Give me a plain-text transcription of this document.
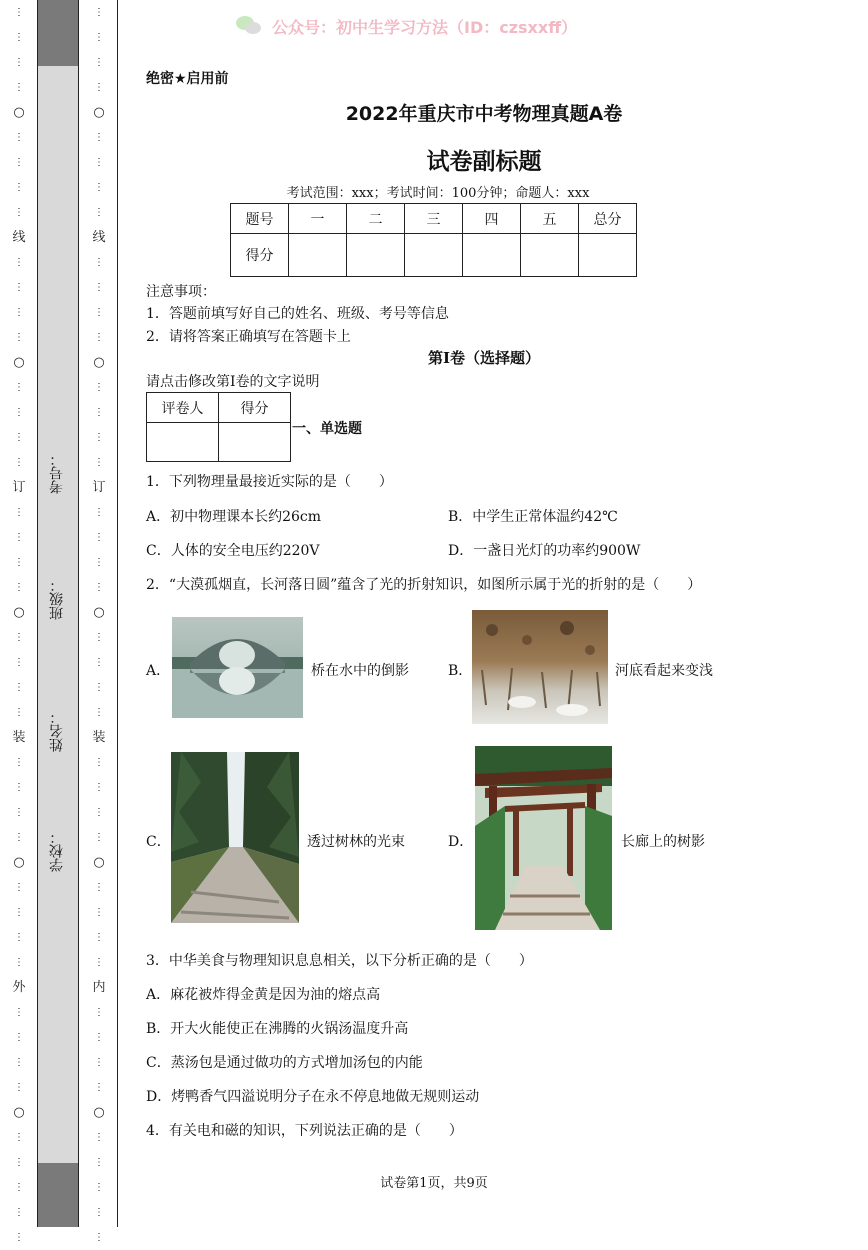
⋮
⋮
⋮
⋮
○
⋮
⋮
⋮
⋮
线
⋮
⋮
⋮
⋮
○
⋮
⋮
⋮
⋮
订
⋮
⋮
⋮
⋮
○
⋮
⋮
⋮
⋮
装
⋮
⋮
⋮
⋮
○
⋮
⋮
⋮
⋮
外
⋮
⋮
⋮
⋮
○
⋮
⋮
⋮
⋮
⋮
⋮
⋮
⋮
⋮
○
⋮
⋮
⋮
⋮
线
⋮
⋮
⋮
⋮
○
⋮
⋮
⋮
⋮
订
⋮
⋮
⋮
⋮
○
⋮
⋮
⋮
⋮
装
⋮
⋮
⋮
⋮
○
⋮
⋮
⋮
⋮
内
⋮
⋮
⋮
⋮
○
⋮
⋮
⋮
⋮
⋮
考号：
班级：
姓名：
学校：
公众号：初中生学习方法（ID：czsxxff）
绝密★启用前
2022年重庆市中考物理真题A卷
试卷副标题
考试范围：xxx；考试时间：100分钟；命题人：xxx
题号	一	二	三	四	五	总分
得分						
注意事项：
1．答题前填写好自己的姓名、班级、考号等信息
2．请将答案正确填写在答题卡上
第I卷（选择题）
请点击修改第I卷的文字说明
评卷人	得分

一、单选题
1．下列物理量最接近实际的是（　　）
A．初中物理课本长约26cm	B．中学生正常体温约42℃
C．人体的安全电压约220V	D．一盏日光灯的功率约900W
2．“大漠孤烟直，长河落日圆”蕴含了光的折射知识，如图所示属于光的折射的是（　　）
A．	桥在水中的倒影	B．	河底看起来变浅
C．	透过树林的光束	D．	长廊上的树影
3．中华美食与物理知识息息相关，以下分析正确的是（　　）
A．麻花被炸得金黄是因为油的熔点高
B．开大火能使正在沸腾的火锅汤温度升高
C．蒸汤包是通过做功的方式增加汤包的内能
D．烤鸭香气四溢说明分子在永不停息地做无规则运动
4．有关电和磁的知识，下列说法正确的是（　　）
试卷第1页，共9页
